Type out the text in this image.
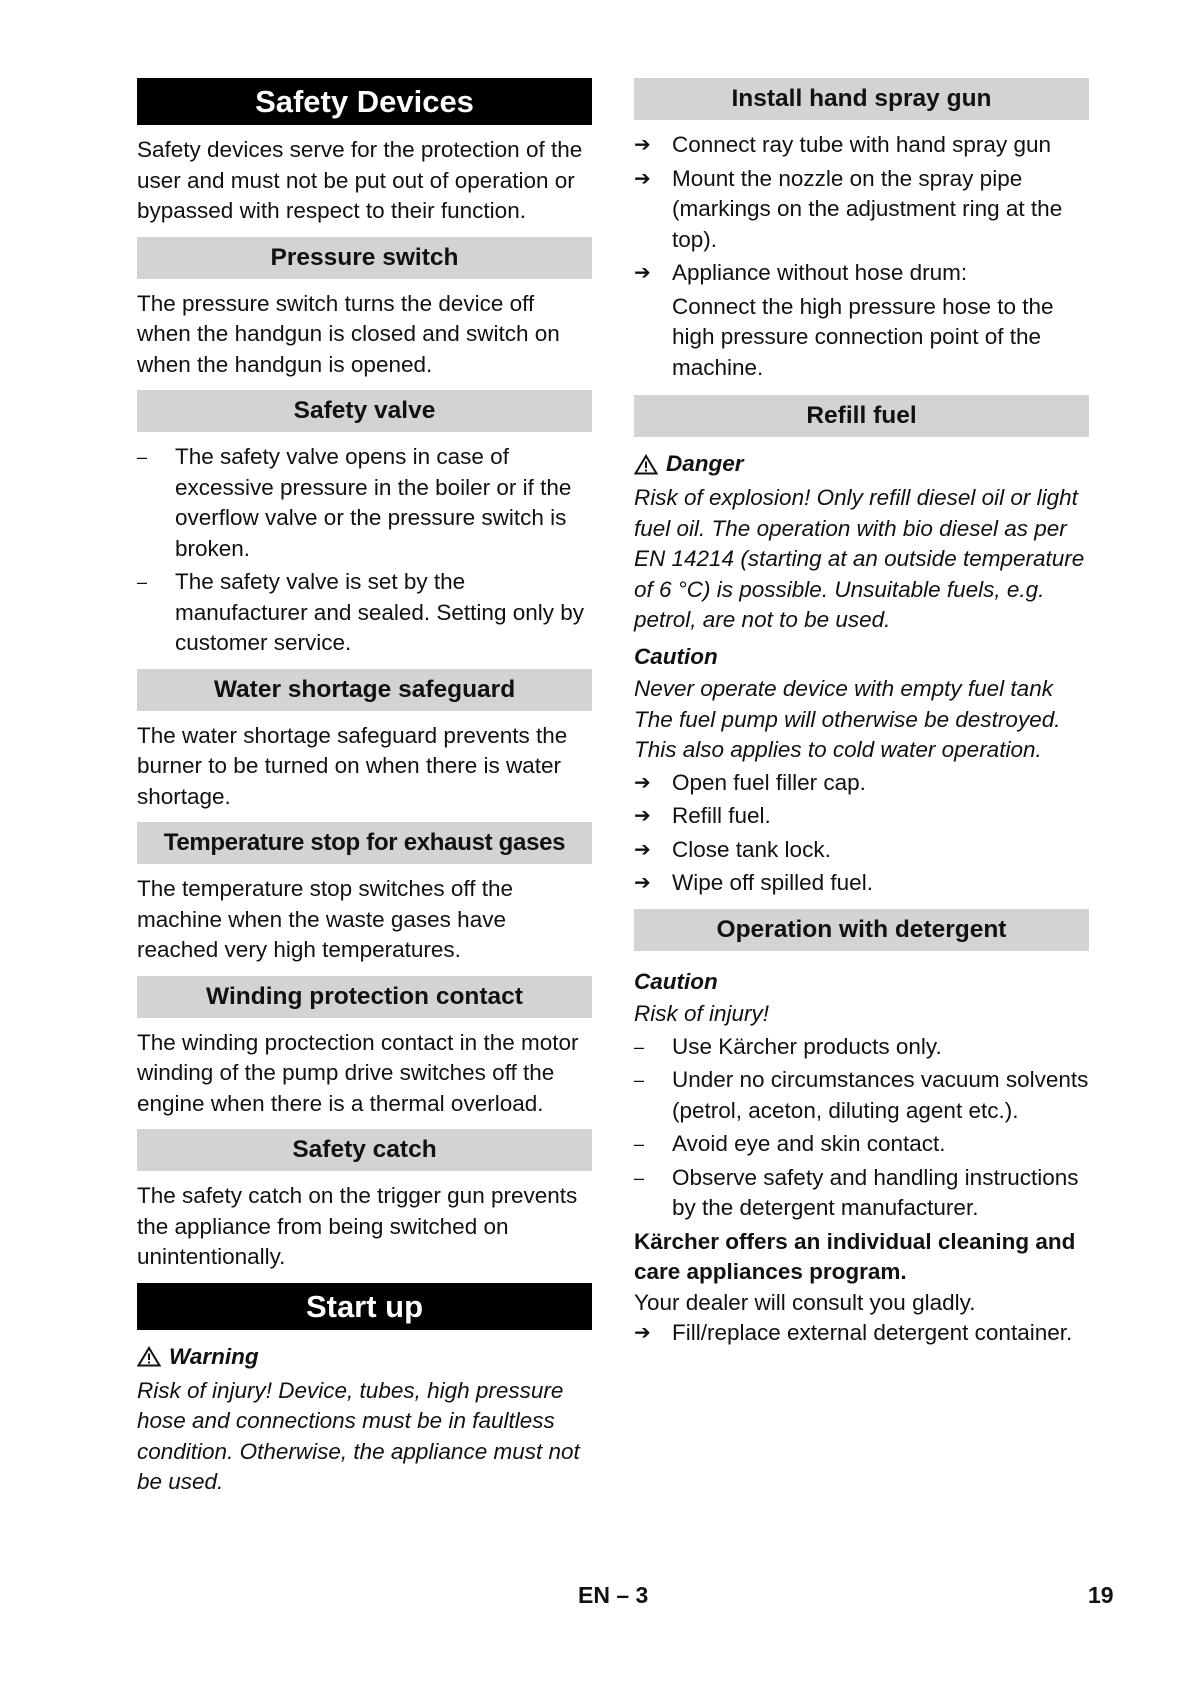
Safety Devices
Safety devices serve for the protection of the user and must not be put out of operation or bypassed with respect to their function.
Pressure switch
The pressure switch turns the device off when the handgun is closed and switch on when the handgun is opened.
Safety valve
–	The safety valve opens in case of excessive pressure in the boiler or if the overflow valve or the pressure switch is broken.
–	The safety valve is set by the manufacturer and sealed. Setting only by customer service.
Water shortage safeguard
The water shortage safeguard prevents the burner to be turned on when there is water shortage.
Temperature stop for exhaust gases
The temperature stop switches off the machine when the waste gases have reached very high temperatures.
Winding protection contact
The winding proctection contact in the motor winding of the pump drive switches off the engine when there is a thermal overload.
Safety catch
The safety catch on the trigger gun prevents the appliance from being switched on unintentionally.
Start up
Warning
Risk of injury! Device, tubes, high pressure hose and connections must be in faultless condition. Otherwise, the appliance must not be used.
Install hand spray gun
➔ Connect ray tube with hand spray gun
➔ Mount the nozzle on the spray pipe (markings on the adjustment ring at the top).
➔ Appliance without hose drum:
Connect the high pressure hose to the high pressure connection point of the machine.
Refill fuel
Danger
Risk of explosion! Only refill diesel oil or light fuel oil. The operation with bio diesel as per EN 14214 (starting at an outside temperature of 6 °C) is possible. Unsuitable fuels, e.g. petrol, are not to be used.
Caution
Never operate device with empty fuel tank The fuel pump will otherwise be destroyed. This also applies to cold water operation.
➔ Open fuel filler cap.
➔ Refill fuel.
➔ Close tank lock.
➔ Wipe off spilled fuel.
Operation with detergent
Caution
Risk of injury!
–	Use Kärcher products only.
–	Under no circumstances vacuum solvents (petrol, aceton, diluting agent etc.).
–	Avoid eye and skin contact.
–	Observe safety and handling instructions by the detergent manufacturer.
Kärcher offers an individual cleaning and care appliances program.
Your dealer will consult you gladly.
➔ Fill/replace external detergent container.
EN – 3	19
